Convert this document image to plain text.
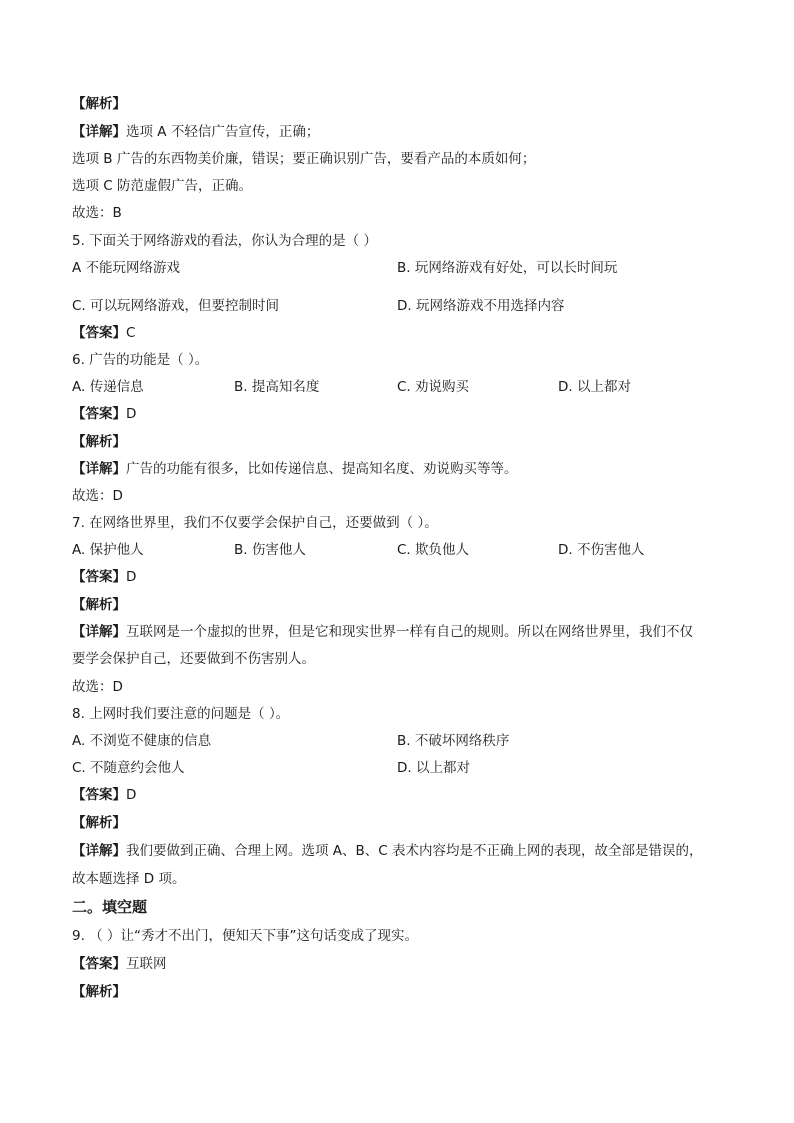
【解析】
【详解】选项 A 不轻信广告宣传，正确；
选项 B 广告的东西物美价廉，错误；要正确识别广告，要看产品的本质如何；
选项 C 防范虚假广告，正确。
故选：B
5. 下面关于网络游戏的看法，你认为合理的是（ ）
A 不能玩网络游戏	B. 玩网络游戏有好处，可以长时间玩
C. 可以玩网络游戏，但要控制时间	D. 玩网络游戏不用选择内容
【答案】C
6. 广告的功能是（ ）。
A. 传递信息	B. 提高知名度	C. 劝说购买	D. 以上都对
【答案】D
【解析】
【详解】广告的功能有很多，比如传递信息、提高知名度、劝说购买等等。
故选：D
7. 在网络世界里，我们不仅要学会保护自己，还要做到（ ）。
A. 保护他人	B. 伤害他人	C. 欺负他人	D. 不伤害他人
【答案】D
【解析】
【详解】互联网是一个虚拟的世界，但是它和现实世界一样有自己的规则。所以在网络世界里，我们不仅
要学会保护自己，还要做到不伤害别人。
故选：D
8. 上网时我们要注意的问题是（ ）。
A. 不浏览不健康的信息	B. 不破坏网络秩序
C. 不随意约会他人	D. 以上都对
【答案】D
【解析】
【详解】我们要做到正确、合理上网。选项 A、B、C 表术内容均是不正确上网的表现，故全部是错误的，
故本题选择 D 项。
二。填空题
9. （ ）让“秀才不出门，便知天下事”这句话变成了现实。
【答案】互联网
【解析】
